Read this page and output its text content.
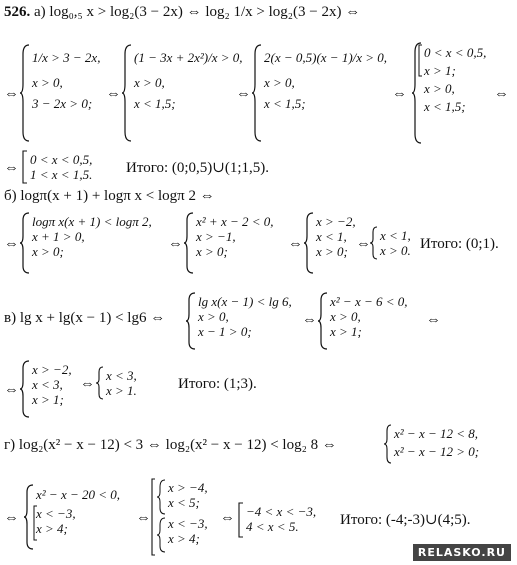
526. а) log₀,₅ x > log₂(3 − 2x) ⇔ log₂ 1/x > log₂(3 − 2x) ⇔
⇔
1/x > 3 − 2x,
x > 0,
3 − 2x > 0;
⇔
(1 − 3x + 2x²)/x > 0,
x > 0,
x < 1,5;
⇔
2(x − 0,5)(x − 1)/x > 0,
x > 0,
x < 1,5;
⇔
0 < x < 0,5,
x > 1;
x > 0,
x < 1,5;
⇔
⇔
0 < x < 0,5,
1 < x < 1,5. Итого: (0;0,5)∪(1;1,5).
б) logπ(x + 1) + logπ x < logπ 2 ⇔
⇔
logπ x(x + 1) < logπ 2,
x + 1 > 0,
x > 0;	⇔
x² + x − 2 < 0,
x > −1,
x > 0;	⇔
x > −2,
x < 1,
x > 0; ⇔
x < 1,
x > 0. Итого: (0;1).
в) lg x + lg(x − 1) < lg6 ⇔
lg x(x − 1) < lg 6,
x > 0,
x − 1 > 0;
⇔
x² − x − 6 < 0,
x > 0,
x > 1;
⇔
⇔
x > −2,
x < 3,
x > 1;
⇔
x < 3,
x > 1.	Итого: (1;3).
г) log₂(x² − x − 12) < 3 ⇔ log₂(x² − x − 12) < log₂ 8 ⇔
x² − x − 12 < 8,
x² − x − 12 > 0;
⇔
x² − x − 20 < 0,
x < −3,
x > 4;
⇔
x > −4,
x < 5;
x < −3,
x > 4;
⇔ −4 < x < −3,
4 < x < 5.	Итого: (-4;-3)∪(4;5).
RELASKO.RU
